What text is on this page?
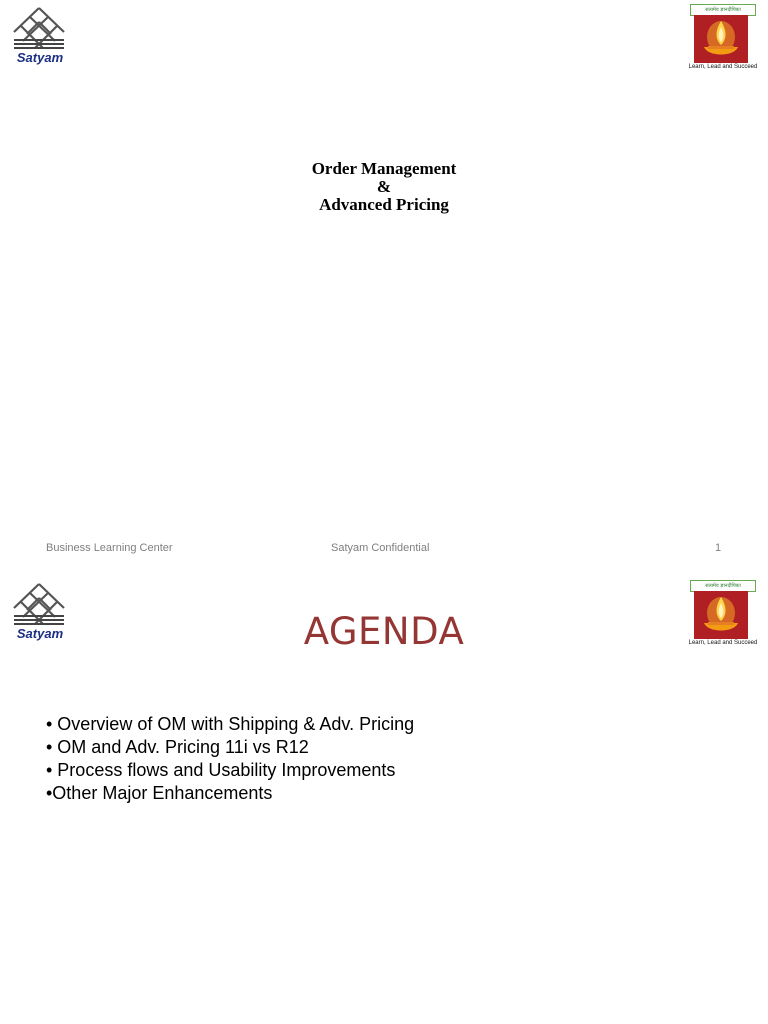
Satyam
सत्यमेव ज्ञानदीपिका
Learn, Lead and Succeed
Order Management
&
Advanced Pricing
Business Learning Center	Satyam Confidential	1
Satyam
सत्यमेव ज्ञानदीपिका
Learn, Lead and Succeed
AGENDA
• Overview of OM with Shipping & Adv. Pricing
• OM and Adv. Pricing 11i vs R12
• Process flows and Usability Improvements
•Other Major Enhancements
